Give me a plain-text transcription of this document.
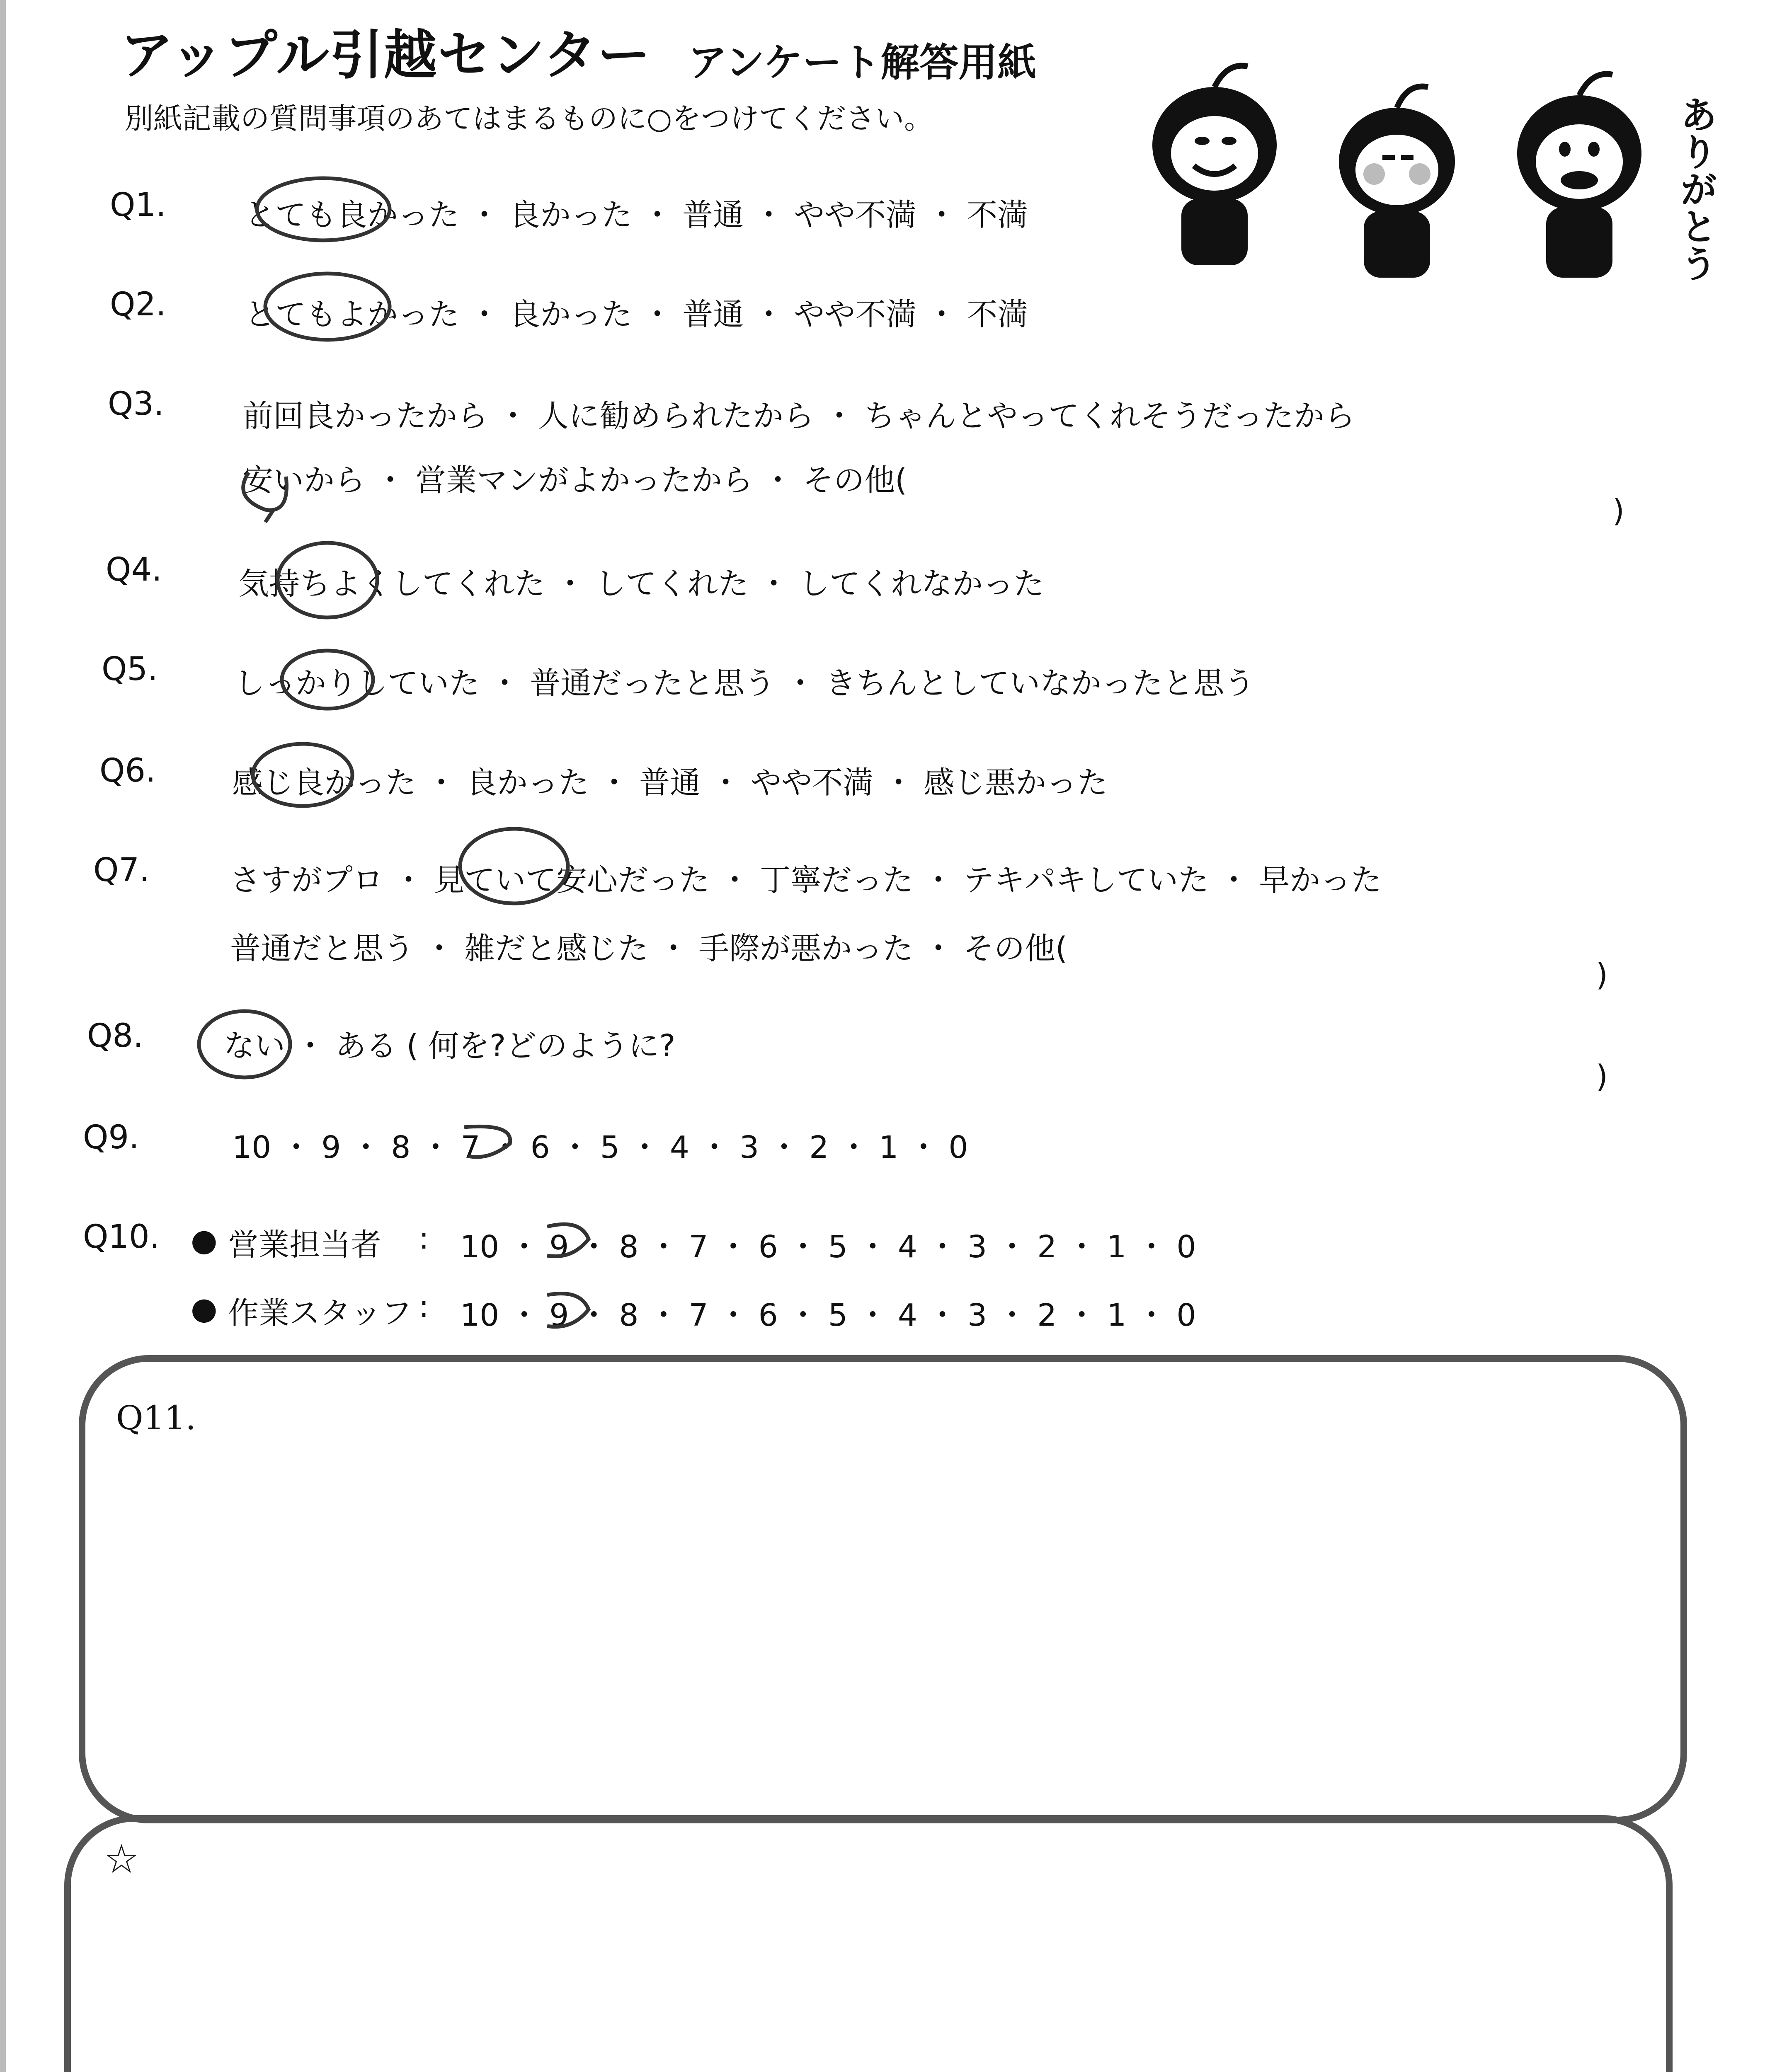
アップル引越センター アンケート解答用紙
別紙記載の質問事項のあてはまるものに○をつけてください。	ありがとう
Q1.	とても良かった ・ 良かった ・ 普通 ・ やや不満 ・ 不満
Q2.	とてもよかった ・ 良かった ・ 普通 ・ やや不満 ・ 不満
Q3.	前回良かったから ・ 人に勧められたから ・ ちゃんとやってくれそうだったから
安いから ・ 営業マンがよかったから ・ その他(
)
Q4. 気持ちよくしてくれた ・ してくれた ・ してくれなかった
Q5. しっかりしていた ・ 普通だったと思う ・ きちんとしていなかったと思う
Q6. 感じ良かった ・ 良かった ・ 普通 ・ やや不満 ・ 感じ悪かった
Q7.	さすがプロ ・ 見ていて安心だった ・ 丁寧だった ・ テキパキしていた ・ 早かった
普通だと思う ・ 雑だと感じた ・ 手際が悪かった ・ その他(
)
Q8.	ない ・ ある ( 何を?どのように?
)
Q9.	10 ・ 9 ・ 8 ・ 7 ・ 6 ・ 5 ・ 4 ・ 3 ・ 2 ・ 1 ・ 0
Q10. ● 営業担当者 : 10 ・ 9 ・ 8 ・ 7 ・ 6 ・ 5 ・ 4 ・ 3 ・ 2 ・ 1 ・ 0
● 作業スタッフ : 10 ・ 9 ・ 8 ・ 7 ・ 6 ・ 5 ・ 4 ・ 3 ・ 2 ・ 1 ・ 0
Q11.
☆
